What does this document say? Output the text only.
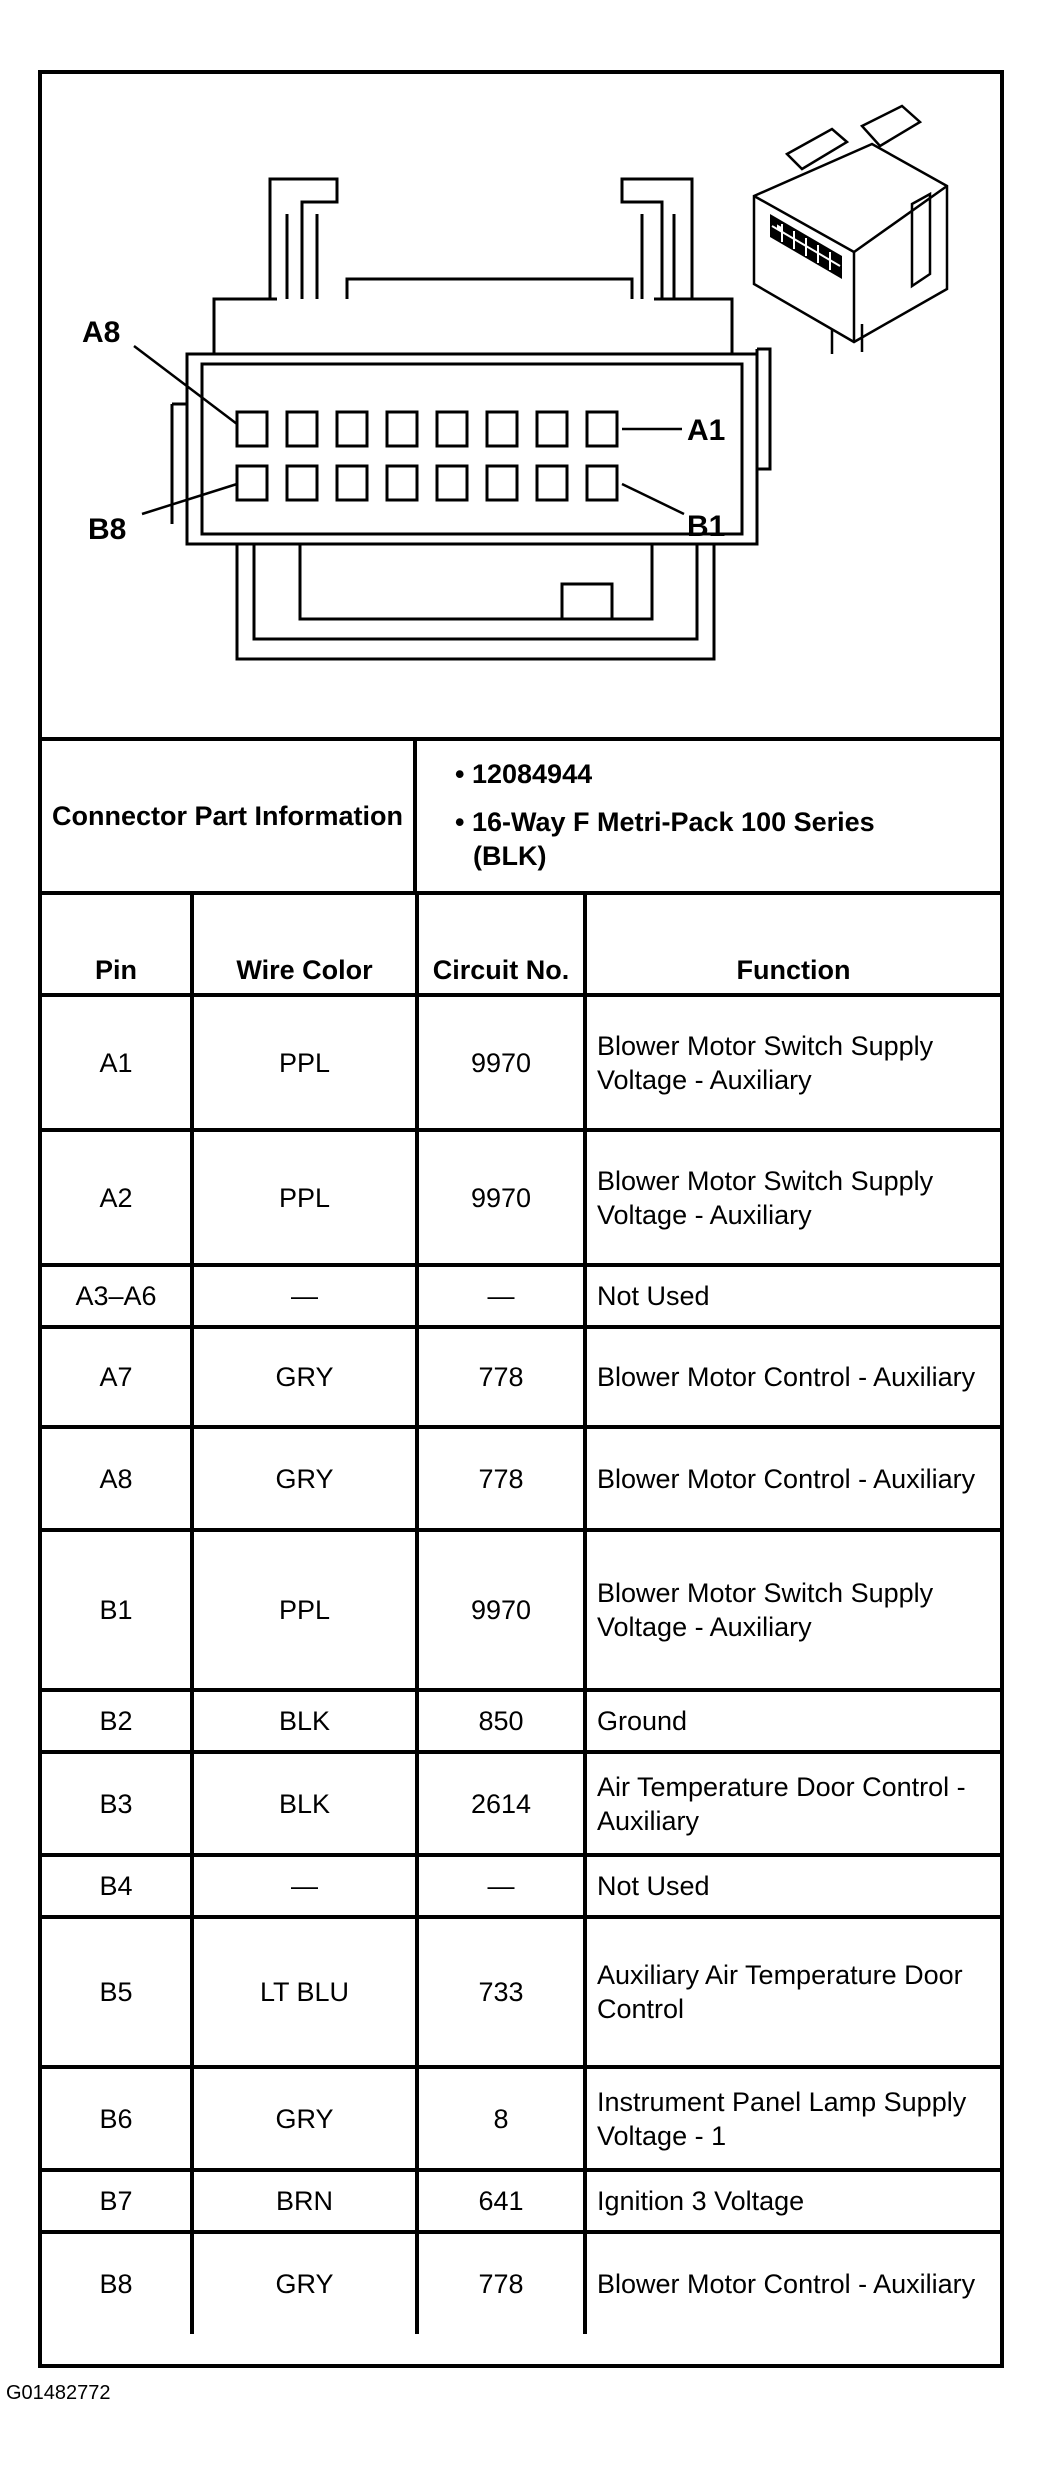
A8
A1
B8	B1
Connector Part Information
• 12084944
• 16-Way F Metri-Pack 100 Series (BLK)
Pin	Wire Color	Circuit No.	Function
A1	PPL	9970	Blower Motor Switch Supply Voltage - Auxiliary
A2	PPL	9970	Blower Motor Switch Supply Voltage - Auxiliary
A3–A6	—	—	Not Used
A7	GRY	778	Blower Motor Control - Auxiliary
A8	GRY	778	Blower Motor Control - Auxiliary
B1	PPL	9970	Blower Motor Switch Supply Voltage - Auxiliary
B2	BLK	850	Ground
B3	BLK	2614	Air Temperature Door Control - Auxiliary
B4	—	—	Not Used
B5	LT BLU	733	Auxiliary Air Temperature Door Control
B6	GRY	8	Instrument Panel Lamp Supply Voltage - 1
B7	BRN	641	Ignition 3 Voltage
B8	GRY	778	Blower Motor Control - Auxiliary
G01482772
